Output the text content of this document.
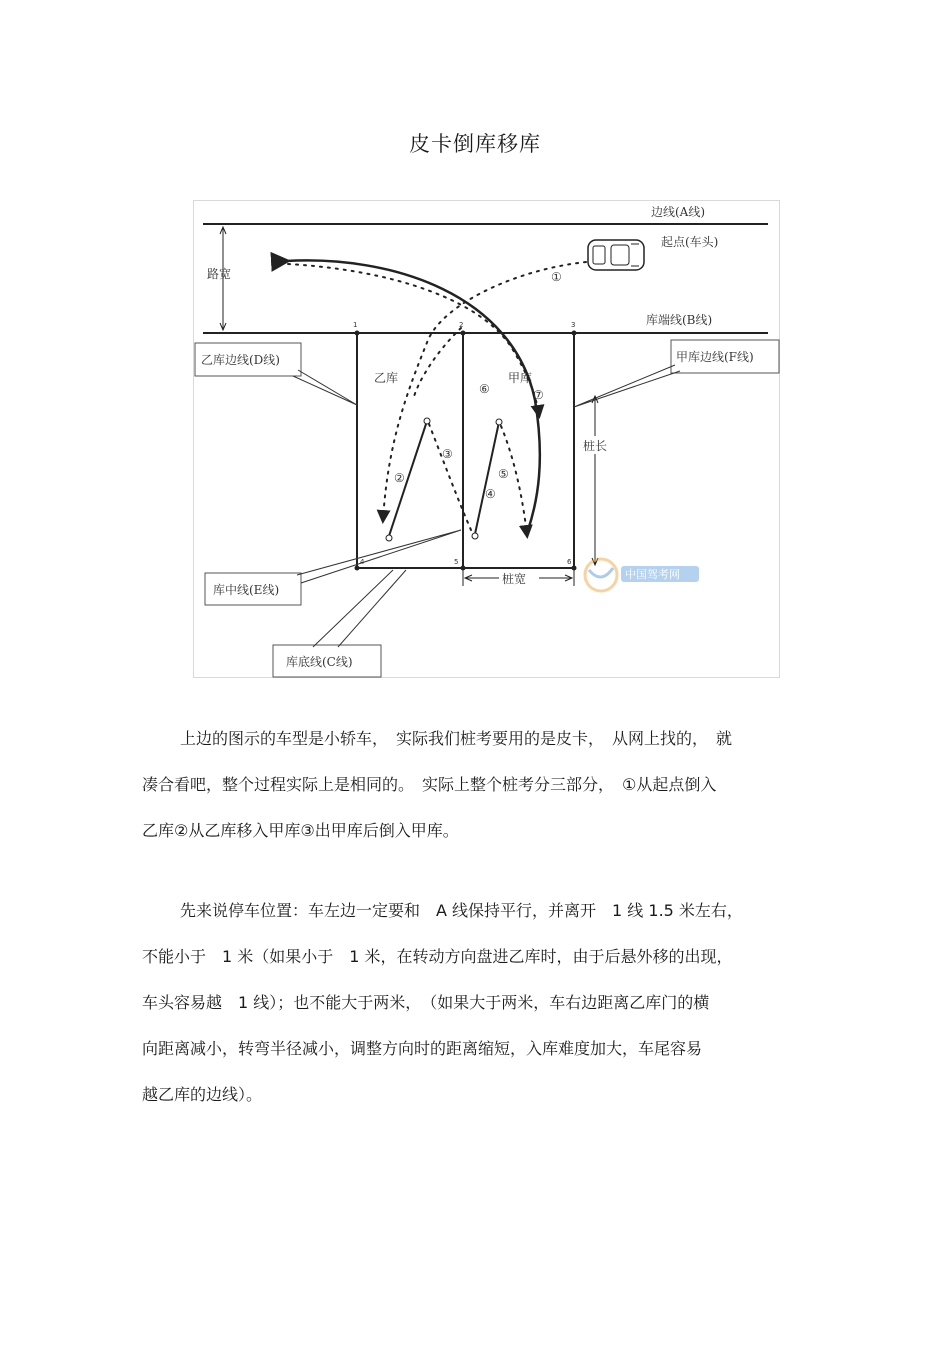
皮卡倒库移库
边线(A线)
库端线(B线)
路宽
起点(车头)
1	2	3
4	5	6
乙库	甲库
乙库边线(D线)	甲库边线(F线)
桩长
桩宽
库中线(E线)
库底线(C线)
①
②
③
④
⑤
⑥	⑦
中国驾考网
上边的图示的车型是小轿车，　实际我们桩考要用的是皮卡，　从网上找的，　就
凑合看吧，整个过程实际上是相同的。　实际上整个桩考分三部分，　①从起点倒入
乙库②从乙库移入甲库③出甲库后倒入甲库。
先来说停车位置：车左边一定要和　A 线保持平行，并离开　1 线 1.5 米左右，
不能小于　1 米（如果小于　1 米，在转动方向盘进乙库时，由于后悬外移的出现，
车头容易越　1 线）；也不能大于两米，　（如果大于两米，车右边距离乙库门的横
向距离减小，转弯半径减小，调整方向时的距离缩短，入库难度加大，车尾容易
越乙库的边线）。
